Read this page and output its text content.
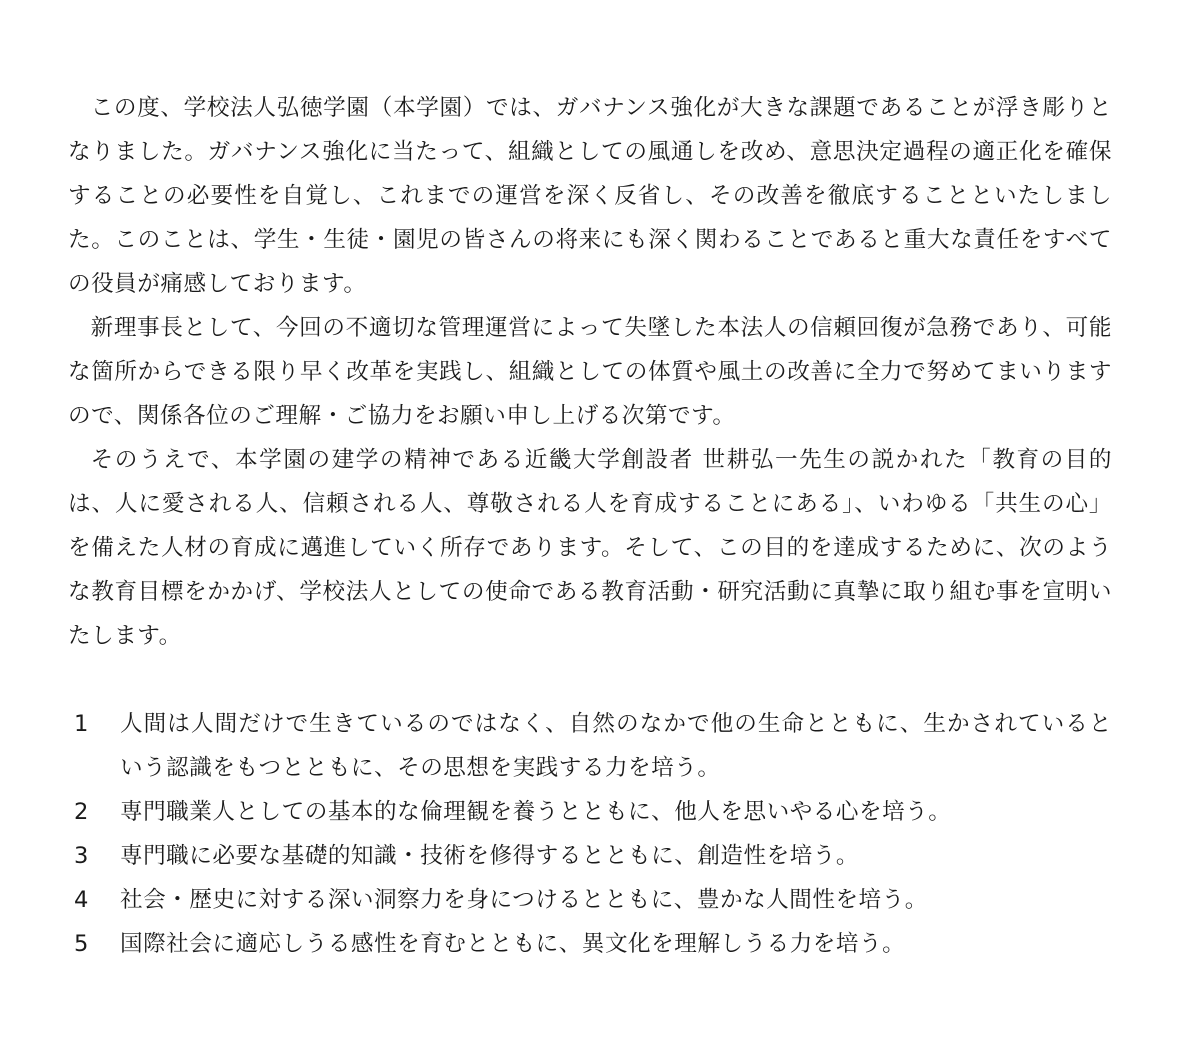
この度、学校法人弘徳学園（本学園）では、ガバナンス強化が大きな課題であることが浮き彫りとなりました。ガバナンス強化に当たって、組織としての風通しを改め、意思決定過程の適正化を確保することの必要性を自覚し、これまでの運営を深く反省し、その改善を徹底することといたしました。このことは、学生・生徒・園児の皆さんの将来にも深く関わることであると重大な責任をすべての役員が痛感しております。

新理事長として、今回の不適切な管理運営によって失墜した本法人の信頼回復が急務であり、可能な箇所からできる限り早く改革を実践し、組織としての体質や風土の改善に全力で努めてまいりますので、関係各位のご理解・ご協力をお願い申し上げる次第です。

そのうえで、本学園の建学の精神である近畿大学創設者 世耕弘一先生の説かれた「教育の目的は、人に愛される人、信頼される人、尊敬される人を育成することにある」、いわゆる「共生の心」を備えた人材の育成に邁進していく所存であります。そして、この目的を達成するために、次のような教育目標をかかげ、学校法人としての使命である教育活動・研究活動に真摯に取り組む事を宣明いたします。

1 人間は人間だけで生きているのではなく、自然のなかで他の生命とともに、生かされているという認識をもつとともに、その思想を実践する力を培う。
2 専門職業人としての基本的な倫理観を養うとともに、他人を思いやる心を培う。
3 専門職に必要な基礎的知識・技術を修得するとともに、創造性を培う。
4 社会・歴史に対する深い洞察力を身につけるとともに、豊かな人間性を培う。
5 国際社会に適応しうる感性を育むとともに、異文化を理解しうる力を培う。
